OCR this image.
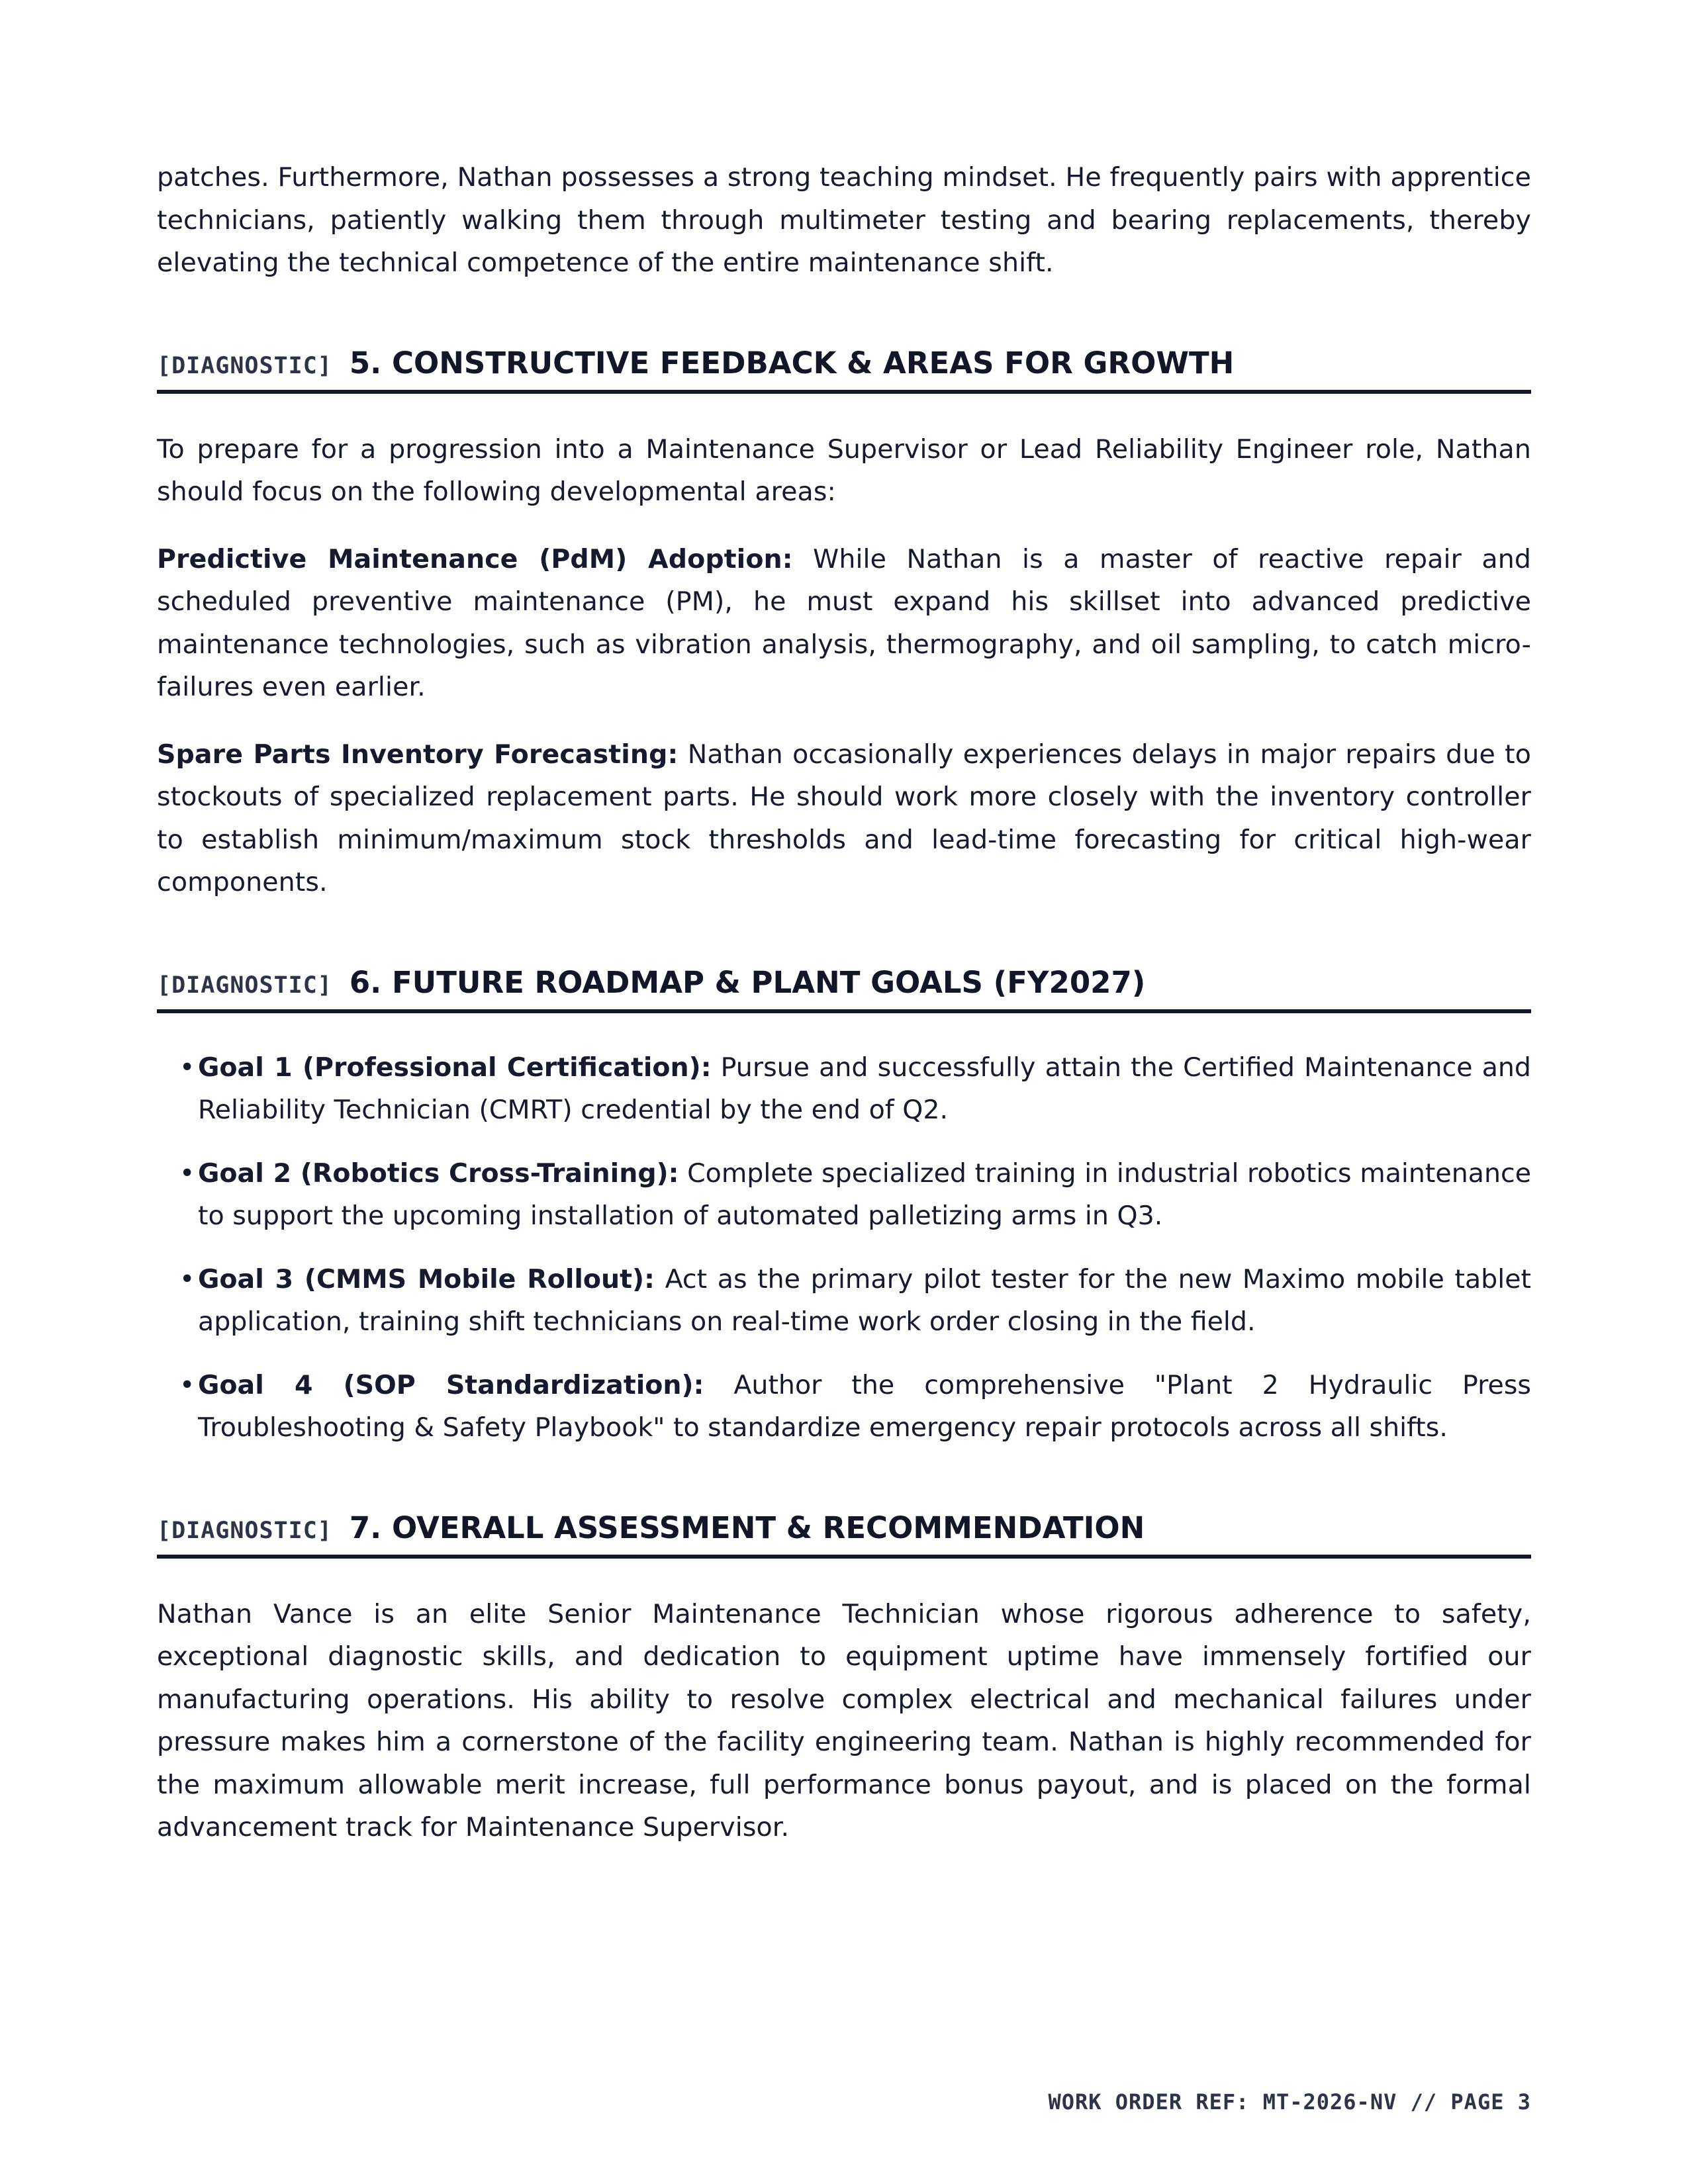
patches. Furthermore, Nathan possesses a strong teaching mindset. He frequently pairs with apprentice technicians, patiently walking them through multimeter testing and bearing replacements, thereby elevating the technical competence of the entire maintenance shift.

[DIAGNOSTIC] 5. CONSTRUCTIVE FEEDBACK & AREAS FOR GROWTH

To prepare for a progression into a Maintenance Supervisor or Lead Reliability Engineer role, Nathan should focus on the following developmental areas:

Predictive Maintenance (PdM) Adoption: While Nathan is a master of reactive repair and scheduled preventive maintenance (PM), he must expand his skillset into advanced predictive maintenance technologies, such as vibration analysis, thermography, and oil sampling, to catch micro-failures even earlier.

Spare Parts Inventory Forecasting: Nathan occasionally experiences delays in major repairs due to stockouts of specialized replacement parts. He should work more closely with the inventory controller to establish minimum/maximum stock thresholds and lead-time forecasting for critical high-wear components.

[DIAGNOSTIC] 6. FUTURE ROADMAP & PLANT GOALS (FY2027)
• Goal 1 (Professional Certification): Pursue and successfully attain the Certified Maintenance and Reliability Technician (CMRT) credential by the end of Q2.
• Goal 2 (Robotics Cross-Training): Complete specialized training in industrial robotics maintenance to support the upcoming installation of automated palletizing arms in Q3.
• Goal 3 (CMMS Mobile Rollout): Act as the primary pilot tester for the new Maximo mobile tablet application, training shift technicians on real-time work order closing in the field.
• Goal 4 (SOP Standardization): Author the comprehensive "Plant 2 Hydraulic Press Troubleshooting & Safety Playbook" to standardize emergency repair protocols across all shifts.
[DIAGNOSTIC] 7. OVERALL ASSESSMENT & RECOMMENDATION

Nathan Vance is an elite Senior Maintenance Technician whose rigorous adherence to safety, exceptional diagnostic skills, and dedication to equipment uptime have immensely fortified our manufacturing operations. His ability to resolve complex electrical and mechanical failures under pressure makes him a cornerstone of the facility engineering team. Nathan is highly recommended for the maximum allowable merit increase, full performance bonus payout, and is placed on the formal advancement track for Maintenance Supervisor.

WORK ORDER REF: MT-2026-NV // PAGE 3
